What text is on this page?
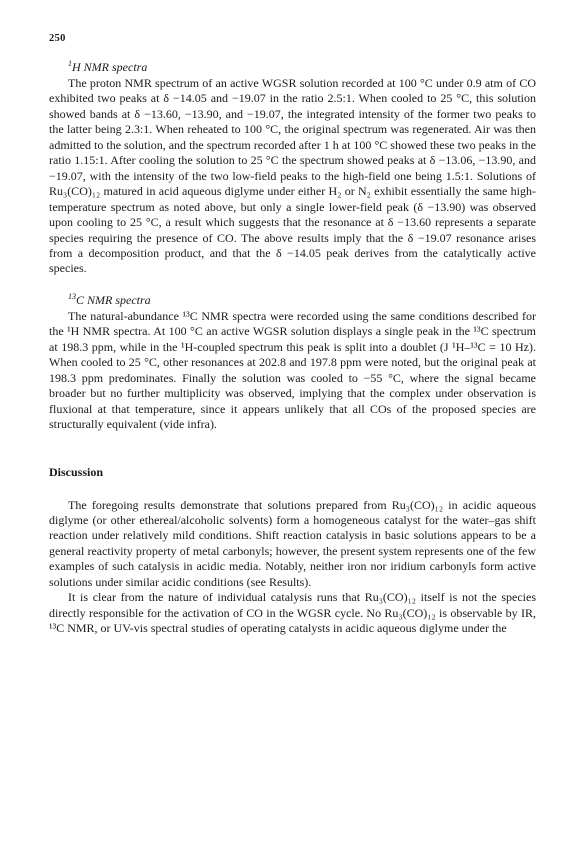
250
$^1$H NMR spectra

The proton NMR spectrum of an active WGSR solution recorded at 100 °C under 0.9 atm of CO exhibited two peaks at δ −14.05 and −19.07 in the ratio 2.5:1. When cooled to 25 °C, this solution showed bands at δ −13.60, −13.90, and −19.07, the integrated intensity of the former two peaks to the latter being 2.3:1. When reheated to 100 °C, the original spectrum was regenerated. Air was then admitted to the solution, and the spectrum recorded after 1 h at 100 °C showed these two peaks in the ratio 1.15:1. After cooling the solution to 25 °C the spectrum showed peaks at δ −13.06, −13.90, and −19.07, with the intensity of the two low-field peaks to the high-field one being 1.5:1. Solutions of Ru₃(CO)₁₂ matured in acid aqueous diglyme under either H₂ or N₂ exhibit essentially the same high-temperature spectrum as noted above, but only a single lower-field peak (δ −13.90) was observed upon cooling to 25 °C, a result which suggests that the resonance at δ −13.60 represents a separate species requiring the presence of CO. The above results imply that the δ −19.07 resonance arises from a decomposition product, and that the δ −14.05 peak derives from the catalytically active species.

$^{13}$C NMR spectra

The natural-abundance ¹³C NMR spectra were recorded using the same conditions described for the ¹H NMR spectra. At 100 °C an active WGSR solution displays a single peak in the ¹³C spectrum at 198.3 ppm, while in the ¹H-coupled spectrum this peak is split into a doublet (J ¹H–¹³C = 10 Hz). When cooled to 25 °C, other resonances at 202.8 and 197.8 ppm were noted, but the original peak at 198.3 ppm predominates. Finally the solution was cooled to −55 °C, where the signal became broader but no further multiplicity was observed, implying that the complex under observation is fluxional at that temperature, since it appears unlikely that all COs of the proposed species are structurally equivalent (vide infra).

Discussion

The foregoing results demonstrate that solutions prepared from Ru₃(CO)₁₂ in acidic aqueous diglyme (or other ethereal/alcoholic solvents) form a homogeneous catalyst for the water–gas shift reaction under relatively mild conditions. Shift reaction catalysis in basic solutions appears to be a general reactivity property of metal carbonyls; however, the present system represents one of the few examples of such catalysis in acidic media. Notably, neither iron nor iridium carbonyls form active solutions under similar acidic conditions (see Results).

It is clear from the nature of individual catalysis runs that Ru₃(CO)₁₂ itself is not the species directly responsible for the activation of CO in the WGSR cycle. No Ru₃(CO)₁₂ is observable by IR, ¹³C NMR, or UV-vis spectral studies of operating catalysts in acidic aqueous diglyme under the
